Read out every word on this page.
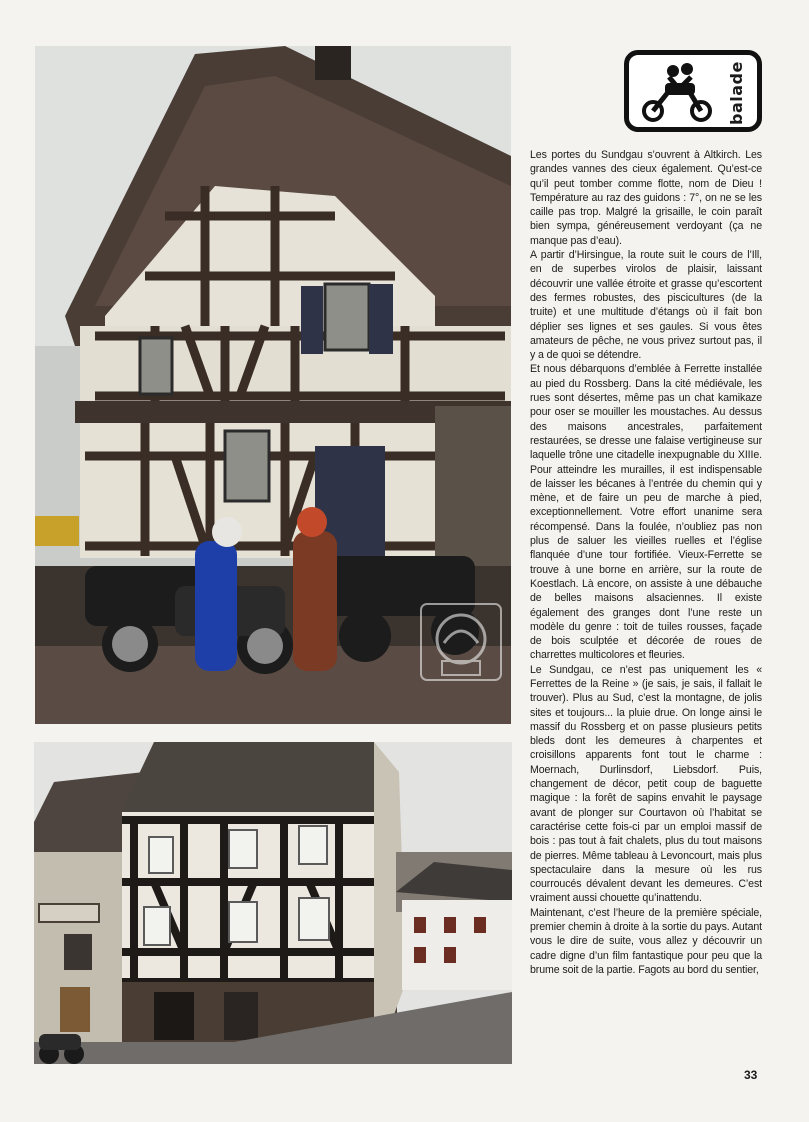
balade

Les portes du Sundgau s’ouvrent à Altkirch. Les grandes vannes des cieux également. Qu’est-ce qu’il peut tomber comme flotte, nom de Dieu ! Température au raz des guidons : 7°, on ne se les caille pas trop. Malgré la grisaille, le coin paraît bien sympa, généreusement verdoyant (ça ne manque pas d’eau).

A partir d’Hirsingue, la route suit le cours de l’Ill, en de superbes virolos de plaisir, laissant découvrir une vallée étroite et grasse qu’escortent des fermes robustes, des piscicultures (de la truite) et une multitude d’étangs où il fait bon déplier ses lignes et ses gaules. Si vous êtes amateurs de pêche, ne vous privez surtout pas, il y a de quoi se détendre.

Et nous débarquons d’emblée à Ferrette installée au pied du Rossberg. Dans la cité médiévale, les rues sont désertes, même pas un chat kamikaze pour oser se mouiller les moustaches. Au dessus des maisons ancestrales, parfaitement restaurées, se dresse une falaise vertigineuse sur laquelle trône une citadelle inexpugnable du XIIIe. Pour atteindre les murailles, il est indispensable de laisser les bécanes à l’entrée du chemin qui y mène, et de faire un peu de marche à pied, exceptionnellement. Votre effort unanime sera récompensé. Dans la foulée, n’oubliez pas non plus de saluer les vieilles ruelles et l’église flanquée d’une tour fortifiée. Vieux-Ferrette se trouve à une borne en arrière, sur la route de Koestlach. Là encore, on assiste à une débauche de belles maisons alsaciennes. Il existe également des granges dont l’une reste un modèle du genre : toit de tuiles rousses, façade de bois sculptée et décorée de roues de charrettes multicolores et fleuries.

Le Sundgau, ce n’est pas uniquement les « Ferrettes de la Reine » (je sais, je sais, il fallait le trouver). Plus au Sud, c’est la montagne, de jolis sites et toujours... la pluie drue. On longe ainsi le massif du Rossberg et on passe plusieurs petits bleds dont les demeures à charpentes et croisillons apparents font tout le charme : Moernach, Durlinsdorf, Liebsdorf. Puis, changement de décor, petit coup de baguette magique : la forêt de sapins envahit le paysage avant de plonger sur Courtavon où l’habitat se caractérise cette fois-ci par un emploi massif de bois : pas tout à fait chalets, plus du tout maisons de pierres. Même tableau à Levoncourt, mais plus spectaculaire dans la mesure où les rus courroucés dévalent devant les demeures. C’est vraiment aussi chouette qu’inattendu.

Maintenant, c’est l’heure de la première spéciale, premier chemin à droite à la sortie du pays. Autant vous le dire de suite, vous allez y découvrir un cadre digne d’un film fantastique pour peu que la brume soit de la partie. Fagots au bord du sentier,

33
